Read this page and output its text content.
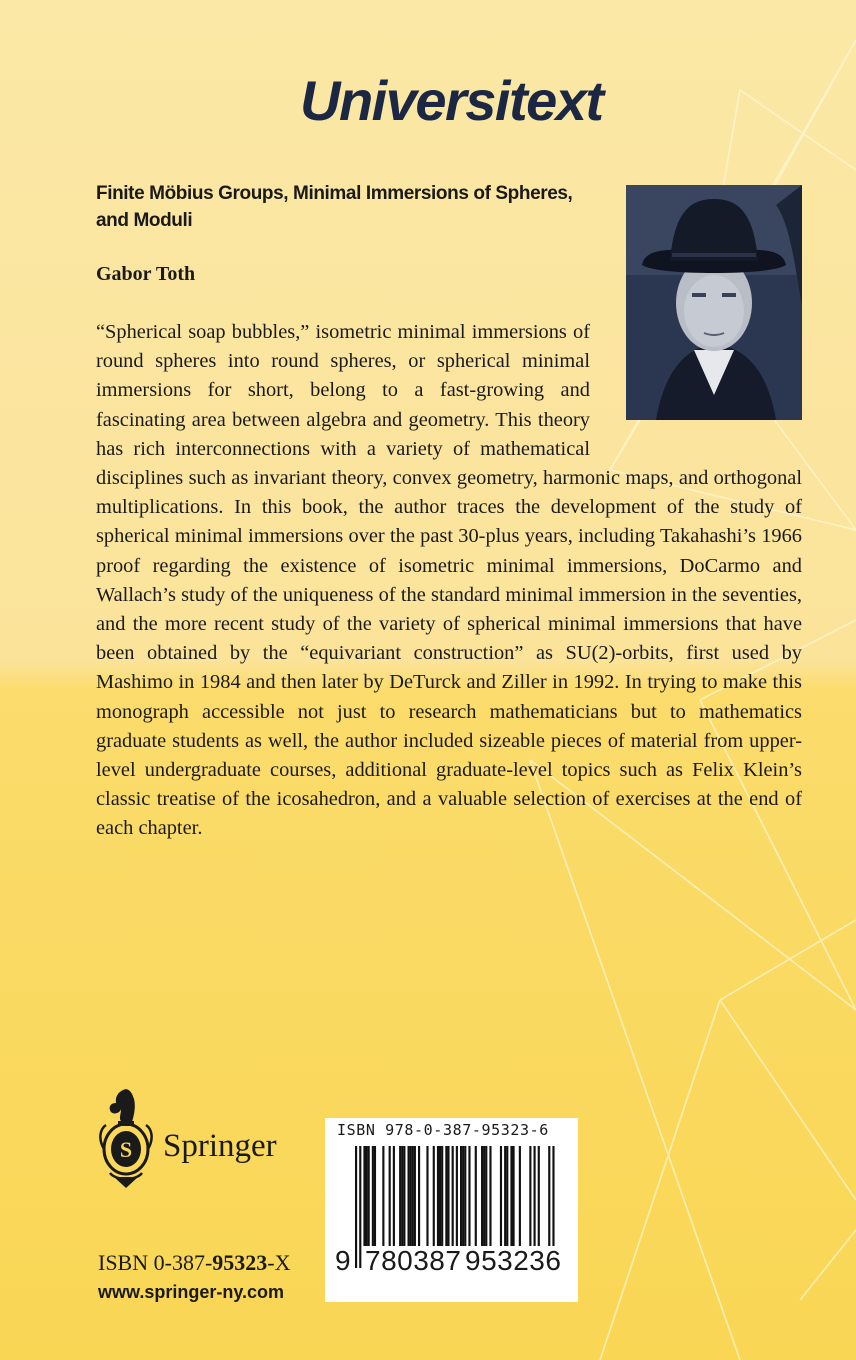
Universitext
Finite Möbius Groups, Minimal Immersions of Spheres, and Moduli

Gabor Toth

“Spherical soap bubbles,” isometric minimal immersions of round spheres into round spheres, or spherical minimal immersions for short, belong to a fast-growing and fascinating area between algebra and geometry. This theory has rich interconnections with a variety of mathematical disciplines such as invariant theory, convex geometry, harmonic maps, and orthogonal multiplications. In this book, the author traces the development of the study of spherical minimal immersions over the past 30-plus years, including Takahashi’s 1966 proof regarding the existence of isometric minimal immersions, DoCarmo and Wallach’s study of the uniqueness of the standard minimal immersion in the seventies, and the more recent study of the variety of spherical minimal immersions that have been obtained by the “equivariant construction” as SU(2)-orbits, first used by Mashimo in 1984 and then later by DeTurck and Ziller in 1992. In trying to make this monograph accessible not just to research mathematicians but to mathematics graduate students as well, the author included sizeable pieces of material from upper-level undergraduate courses, additional graduate-level topics such as Felix Klein’s classic treatise of the icosahedron, and a valuable selection of exercises at the end of each chapter.

S Springer

ISBN 0-387-95323-X

www.springer-ny.com

ISBN 978-0-387-95323-6

9 780387 953236
